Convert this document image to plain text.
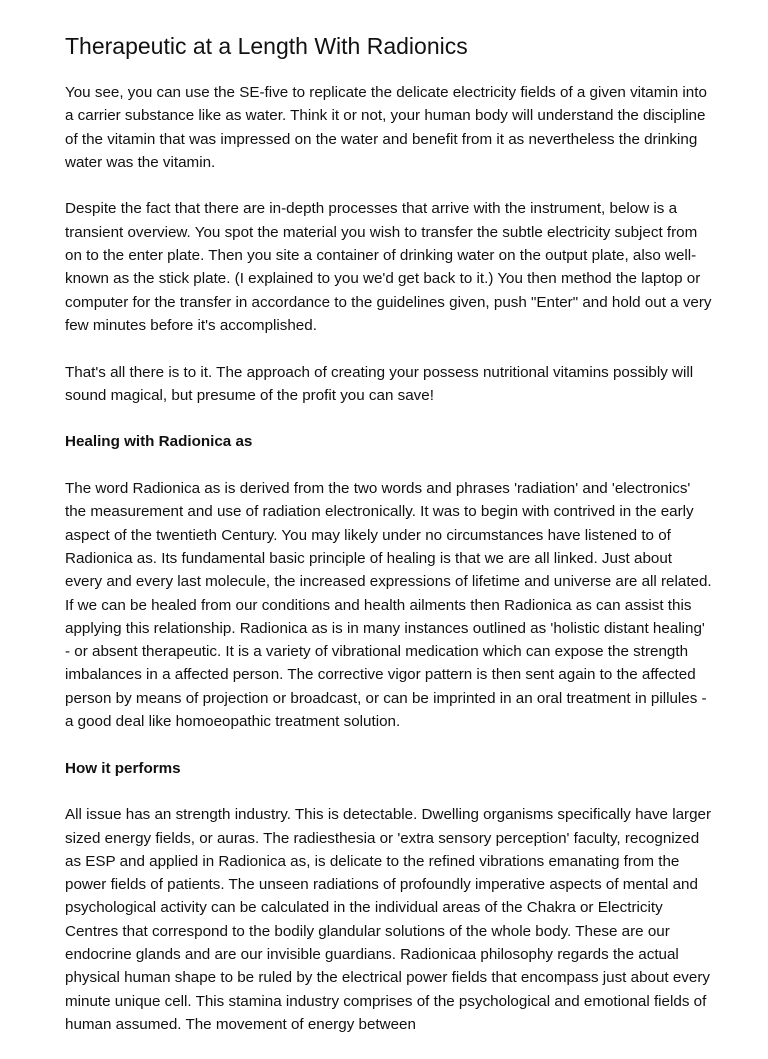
Therapeutic at a Length With Radionics

You see, you can use the SE-five to replicate the delicate electricity fields of a given vitamin into a carrier substance like as water. Think it or not, your human body will understand the discipline of the vitamin that was impressed on the water and benefit from it as nevertheless the drinking water was the vitamin.

Despite the fact that there are in-depth processes that arrive with the instrument, below is a transient overview. You spot the material you wish to transfer the subtle electricity subject from on to the enter plate. Then you site a container of drinking water on the output plate, also well-known as the stick plate. (I explained to you we'd get back to it.) You then method the laptop or computer for the transfer in accordance to the guidelines given, push "Enter" and hold out a very few minutes before it's accomplished.

That's all there is to it. The approach of creating your possess nutritional vitamins possibly will sound magical, but presume of the profit you can save!

Healing with Radionica as

The word Radionica as is derived from the two words and phrases 'radiation' and 'electronics' the measurement and use of radiation electronically. It was to begin with contrived in the early aspect of the twentieth Century. You may likely under no circumstances have listened to of Radionica as. Its fundamental basic principle of healing is that we are all linked. Just about every and every last molecule, the increased expressions of lifetime and universe are all related. If we can be healed from our conditions and health ailments then Radionica as can assist this applying this relationship. Radionica as is in many instances outlined as 'holistic distant healing' - or absent therapeutic. It is a variety of vibrational medication which can expose the strength imbalances in a affected person. The corrective vigor pattern is then sent again to the affected person by means of projection or broadcast, or can be imprinted in an oral treatment in pillules - a good deal like homoeopathic treatment solution.

How it performs

All issue has an strength industry. This is detectable. Dwelling organisms specifically have larger sized energy fields, or auras. The radiesthesia or 'extra sensory perception' faculty, recognized as ESP and applied in Radionica as, is delicate to the refined vibrations emanating from the power fields of patients. The unseen radiations of profoundly imperative aspects of mental and psychological activity can be calculated in the individual areas of the Chakra or Electricity Centres that correspond to the bodily glandular solutions of the whole body. These are our endocrine glands and are our invisible guardians. Radionicaa philosophy regards the actual physical human shape to be ruled by the electrical power fields that encompass just about every minute unique cell. This stamina industry comprises of the psychological and emotional fields of human assumed. The movement of energy between
